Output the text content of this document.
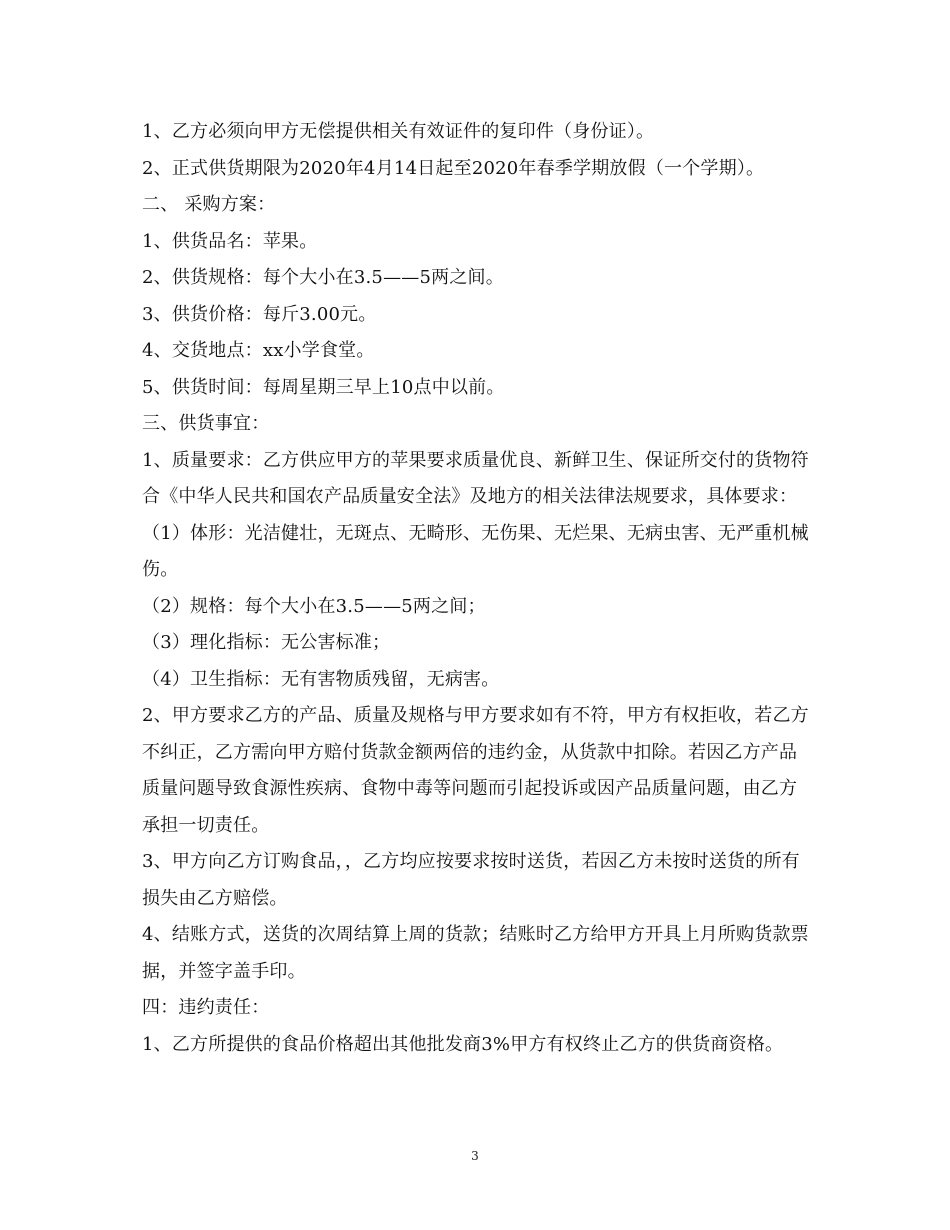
1、乙方必须向甲方无偿提供相关有效证件的复印件（身份证）。

2、正式供货期限为2020年4月14日起至2020年春季学期放假（一个学期）。

二、 采购方案：

1、供货品名：苹果。

2、供货规格：每个大小在3.5——5两之间。

3、供货价格：每斤3.00元。

4、交货地点：xx小学食堂。

5、供货时间：每周星期三早上10点中以前。

三、供货事宜：

1、质量要求：乙方供应甲方的苹果要求质量优良、新鲜卫生、保证所交付的货物符合《中华人民共和国农产品质量安全法》及地方的相关法律法规要求，具体要求：

（1）体形：光洁健壮，无斑点、无畸形、无伤果、无烂果、无病虫害、无严重机械伤。

（2）规格：每个大小在3.5——5两之间；

（3）理化指标：无公害标准；

（4）卫生指标：无有害物质残留，无病害。

2、甲方要求乙方的产品、质量及规格与甲方要求如有不符，甲方有权拒收，若乙方不纠正，乙方需向甲方赔付货款金额两倍的违约金，从货款中扣除。若因乙方产品质量问题导致食源性疾病、食物中毒等问题而引起投诉或因产品质量问题，由乙方承担一切责任。

3、甲方向乙方订购食品，，乙方均应按要求按时送货，若因乙方未按时送货的所有损失由乙方赔偿。

4、结账方式，送货的次周结算上周的货款；结账时乙方给甲方开具上月所购货款票据，并签字盖手印。

四：违约责任：

1、乙方所提供的食品价格超出其他批发商3%甲方有权终止乙方的供货商资格。

3
